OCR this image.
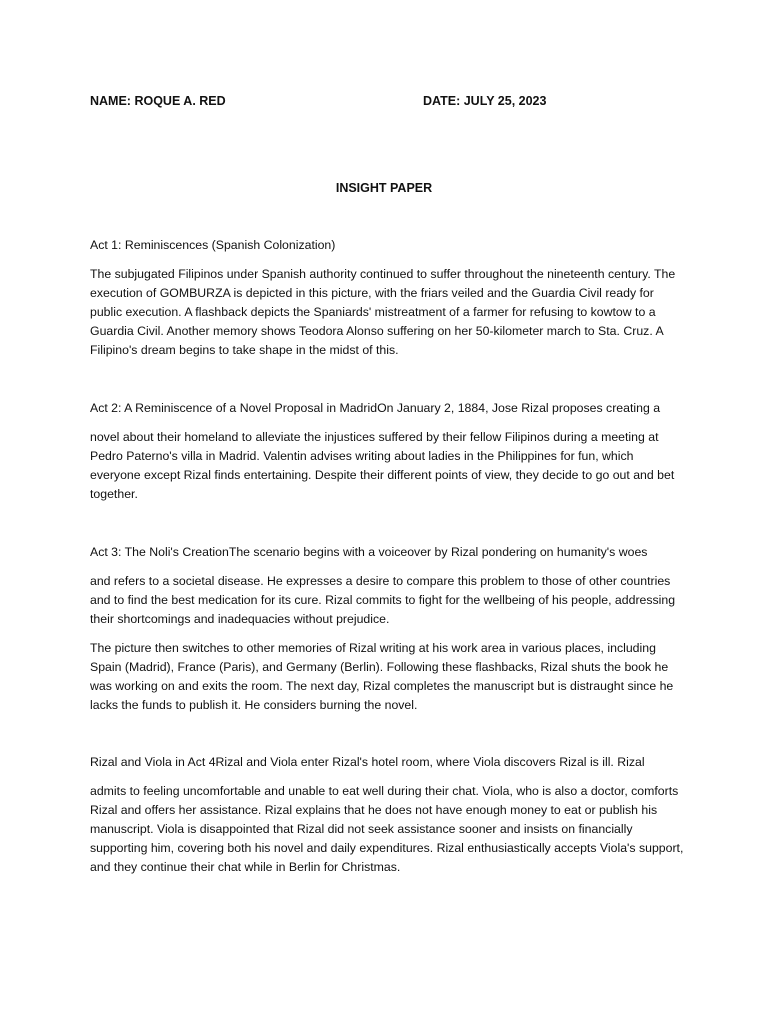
NAME: ROQUE A. RED	DATE: JULY 25, 2023
INSIGHT PAPER

Act 1: Reminiscences (Spanish Colonization)

The subjugated Filipinos under Spanish authority continued to suffer throughout the nineteenth century. The execution of GOMBURZA is depicted in this picture, with the friars veiled and the Guardia Civil ready for public execution. A flashback depicts the Spaniards' mistreatment of a farmer for refusing to kowtow to a Guardia Civil. Another memory shows Teodora Alonso suffering on her 50-kilometer march to Sta. Cruz. A Filipino's dream begins to take shape in the midst of this.

Act 2: A Reminiscence of a Novel Proposal in MadridOn January 2, 1884, Jose Rizal proposes creating a

novel about their homeland to alleviate the injustices suffered by their fellow Filipinos during a meeting at Pedro Paterno's villa in Madrid. Valentin advises writing about ladies in the Philippines for fun, which everyone except Rizal finds entertaining. Despite their different points of view, they decide to go out and bet together.

Act 3: The Noli's CreationThe scenario begins with a voiceover by Rizal pondering on humanity's woes

and refers to a societal disease. He expresses a desire to compare this problem to those of other countries and to find the best medication for its cure. Rizal commits to fight for the wellbeing of his people, addressing their shortcomings and inadequacies without prejudice.

The picture then switches to other memories of Rizal writing at his work area in various places, including Spain (Madrid), France (Paris), and Germany (Berlin). Following these flashbacks, Rizal shuts the book he was working on and exits the room. The next day, Rizal completes the manuscript but is distraught since he lacks the funds to publish it. He considers burning the novel.

Rizal and Viola in Act 4Rizal and Viola enter Rizal's hotel room, where Viola discovers Rizal is ill. Rizal

admits to feeling uncomfortable and unable to eat well during their chat. Viola, who is also a doctor, comforts Rizal and offers her assistance. Rizal explains that he does not have enough money to eat or publish his manuscript. Viola is disappointed that Rizal did not seek assistance sooner and insists on financially supporting him, covering both his novel and daily expenditures. Rizal enthusiastically accepts Viola's support, and they continue their chat while in Berlin for Christmas.
